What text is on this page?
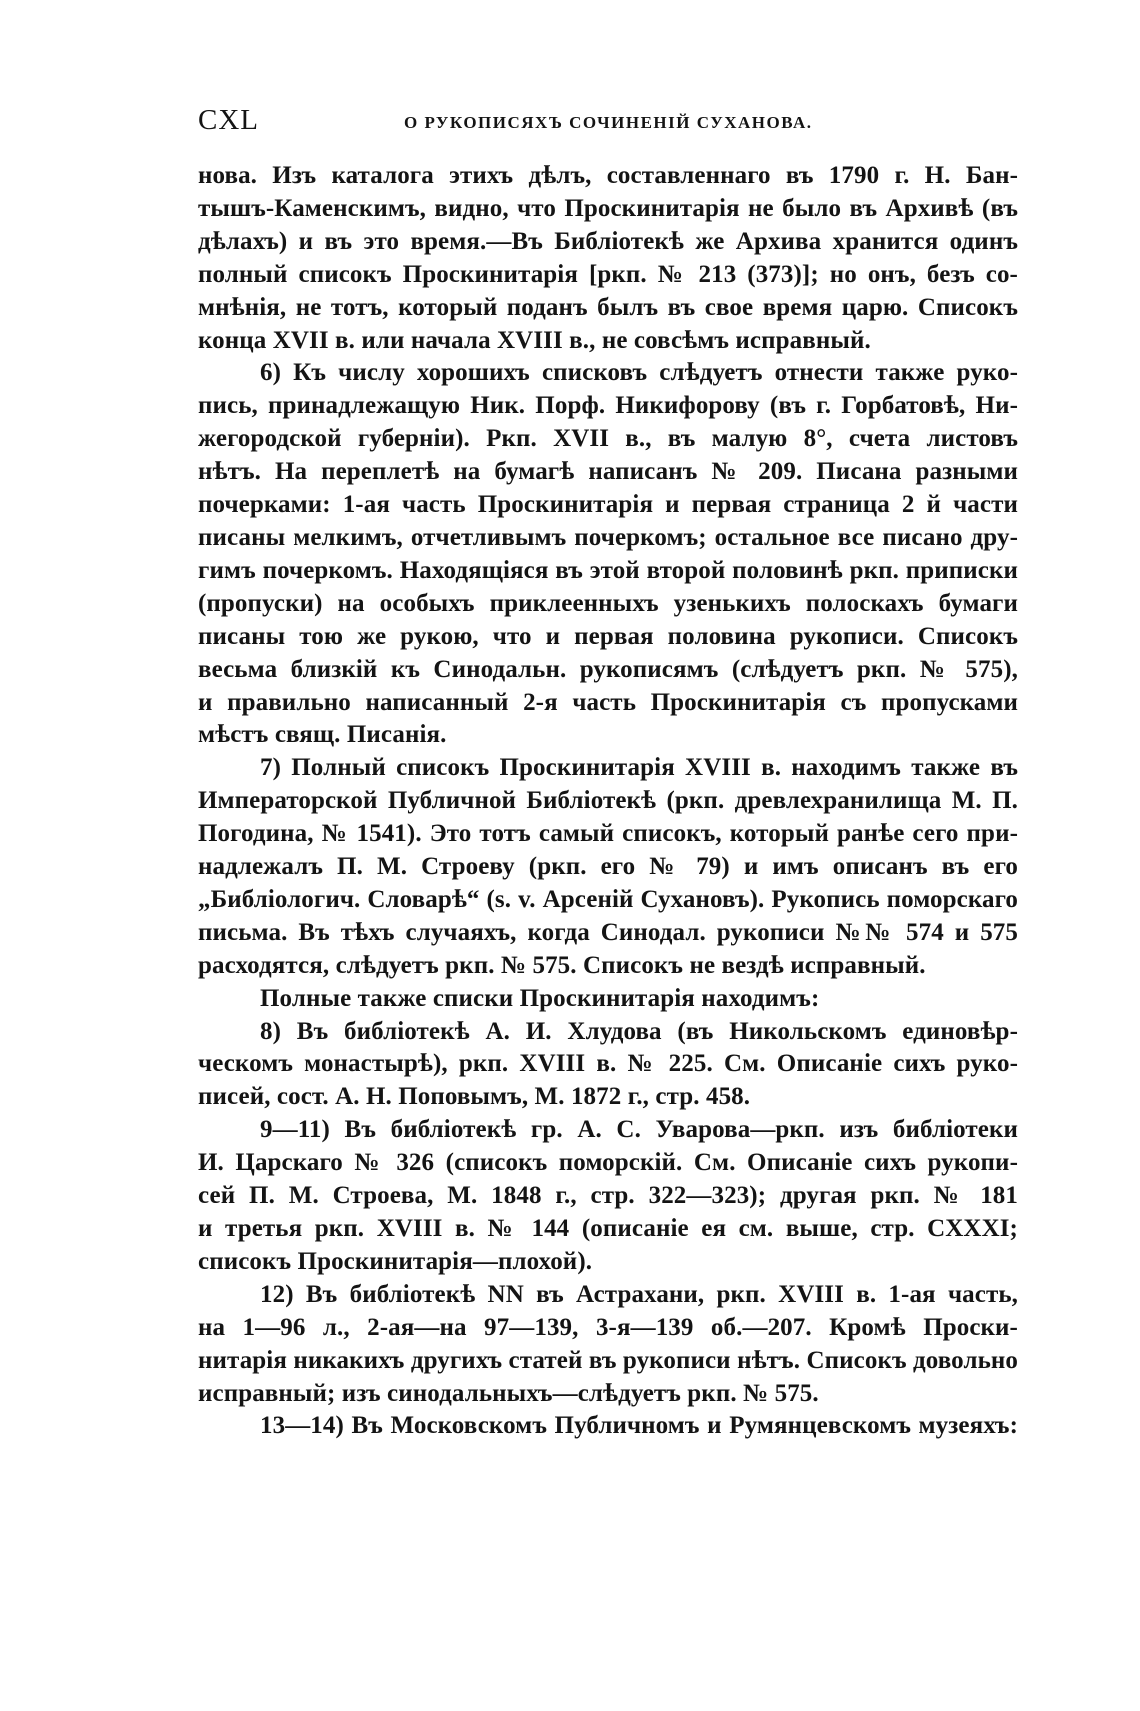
CXL	О РУКОПИСЯХЪ СОЧИНЕНІЙ СУХАНОВА.

нова. Изъ каталога этихъ дѣлъ, составленнаго въ 1790 г. Н. Бан-
тышъ-Каменскимъ, видно, что Проскинитарія не было въ Архивѣ (въ
дѣлахъ) и въ это время.—Въ Библіотекѣ же Архива хранится одинъ
полный списокъ Проскинитарія [ркп. № 213 (373)]; но онъ, безъ со-
мнѣнія, не тотъ, который поданъ былъ въ свое время царю. Списокъ
конца XVII в. или начала XVIII в., не совсѣмъ исправный.

6) Къ числу хорошихъ списковъ слѣдуетъ отнести также руко-
пись, принадлежащую Ник. Порф. Никифорову (въ г. Горбатовѣ, Ни-
жегородской губерніи). Ркп. XVII в., въ малую 8°, счета листовъ
нѣтъ. На переплетѣ на бумагѣ написанъ № 209. Писана разными
почерками: 1-ая часть Проскинитарія и первая страница 2 й части
писаны мелкимъ, отчетливымъ почеркомъ; остальное все писано дру-
гимъ почеркомъ. Находящіяся въ этой второй половинѣ ркп. приписки
(пропуски) на особыхъ приклеенныхъ узенькихъ полоскахъ бумаги
писаны тою же рукою, что и первая половина рукописи. Списокъ
весьма близкій къ Синодальн. рукописямъ (слѣдуетъ ркп. № 575),
и правильно написанный 2-я часть Проскинитарія съ пропусками
мѣстъ свящ. Писанія.

7) Полный списокъ Проскинитарія XVIII в. находимъ также въ
Императорской Публичной Библіотекѣ (ркп. древлехранилища М. П.
Погодина, № 1541). Это тотъ самый списокъ, который ранѣе сего при-
надлежалъ П. М. Строеву (ркп. его № 79) и имъ описанъ въ его
„Библіологич. Словарѣ“ (s. v. Арсеній Сухановъ). Рукопись поморскаго
письма. Въ тѣхъ случаяхъ, когда Синодал. рукописи №№ 574 и 575
расходятся, слѣдуетъ ркп. № 575. Списокъ не вездѣ исправный.

Полные также списки Проскинитарія находимъ:

8) Въ библіотекѣ А. И. Хлудова (въ Никольскомъ единовѣр-
ческомъ монастырѣ), ркп. XVIII в. № 225. См. Описаніе сихъ руко-
писей, сост. А. Н. Поповымъ, М. 1872 г., стр. 458.

9—11) Въ библіотекѣ гр. А. С. Уварова—ркп. изъ библіотеки
И. Царскаго № 326 (списокъ поморскій. См. Описаніе сихъ рукопи-
сей П. М. Строева, М. 1848 г., стр. 322—323); другая ркп. № 181
и третья ркп. XVIII в. № 144 (описаніе ея см. выше, стр. CXXXI;
списокъ Проскинитарія—плохой).

12) Въ библіотекѣ NN въ Астрахани, ркп. XVIII в. 1-ая часть,
на 1—96 л., 2-ая—на 97—139, 3-я—139 об.—207. Кромѣ Проски-
нитарія никакихъ другихъ статей въ рукописи нѣтъ. Списокъ довольно
исправный; изъ синодальныхъ—слѣдуетъ ркп. № 575.

13—14) Въ Московскомъ Публичномъ и Румянцевскомъ музеяхъ:
